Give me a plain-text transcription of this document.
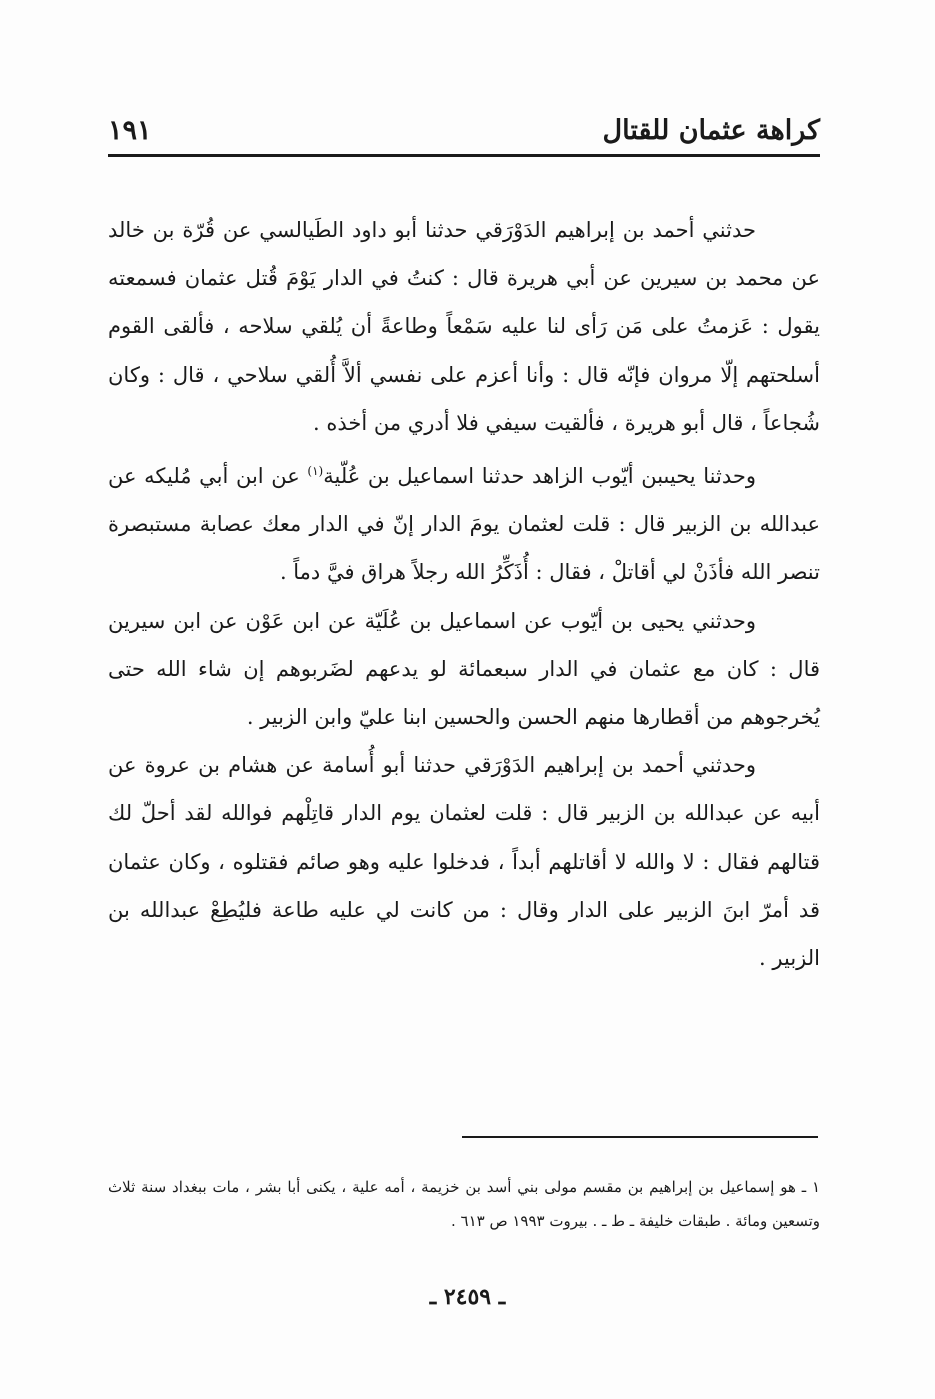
كراهة عثمان للقتال
١٩١

حدثني أحمد بن إبراهيم الدَوْرَقي حدثنا أبو داود الطَيالسي عن قُرّة بن خالد عن محمد بن سيرين عن أبي هريرة قال : كنتُ في الدار يَوْمَ قُتل عثمان فسمعته يقول : عَزمتُ على مَن رَأى لنا عليه سَمْعاً وطاعةً أن يُلقي سلاحه ، فألقى القوم أسلحتهم إلّا مروان فإنّه قال : وأنا أعزم على نفسي ألاَّ أُلقي سلاحي ، قال : وكان شُجاعاً ، قال أبو هريرة ، فألقيت سيفي فلا أدري من أخذه .

وحدثنا يحيىبن أيّوب الزاهد حدثنا اسماعيل بن عُلّية$^{(١)}$ عن ابن أبي مُليكه عن عبدالله بن الزبير قال : قلت لعثمان يومَ الدار إنّ في الدار معك عصابة مستبصرة تنصر الله فأذَنْ لي أقاتلْ ، فقال : أُذَكِّرُ الله رجلاً هراق فيَّ دماً .

وحدثني يحيى بن أيّوب عن اسماعيل بن عُلَيّة عن ابن عَوْن عن ابن سيرين قال : كان مع عثمان في الدار سبعمائة لو يدعهم لضَربوهم إن شاء الله حتى يُخرجوهم من أقطارها منهم الحسن والحسين ابنا عليّ وابن الزبير .

وحدثني أحمد بن إبراهيم الدَوْرَقي حدثنا أبو أُسامة عن هشام بن عروة عن أبيه عن عبدالله بن الزبير قال : قلت لعثمان يوم الدار قاتِلْهم فوالله لقد أحلّ لك قتالهم فقال : لا والله لا أقاتلهم أبداً ، فدخلوا عليه وهو صائم فقتلوه ، وكان عثمان قد أمرّ ابنَ الزبير على الدار وقال : من كانت لي عليه طاعة فليُطِعْ عبدالله بن الزبير .

١ ـ هو إسماعيل بن إبراهيم بن مقسم مولى بني أسد بن خزيمة ، أمه علية ، يكنى أبا بشر ، مات ببغداد سنة ثلاث وتسعين ومائة . طبقات خليفة ـ ط ـ . بيروت ١٩٩٣ ص ٦١٣ .

ـ ٢٤٥٩ ـ
